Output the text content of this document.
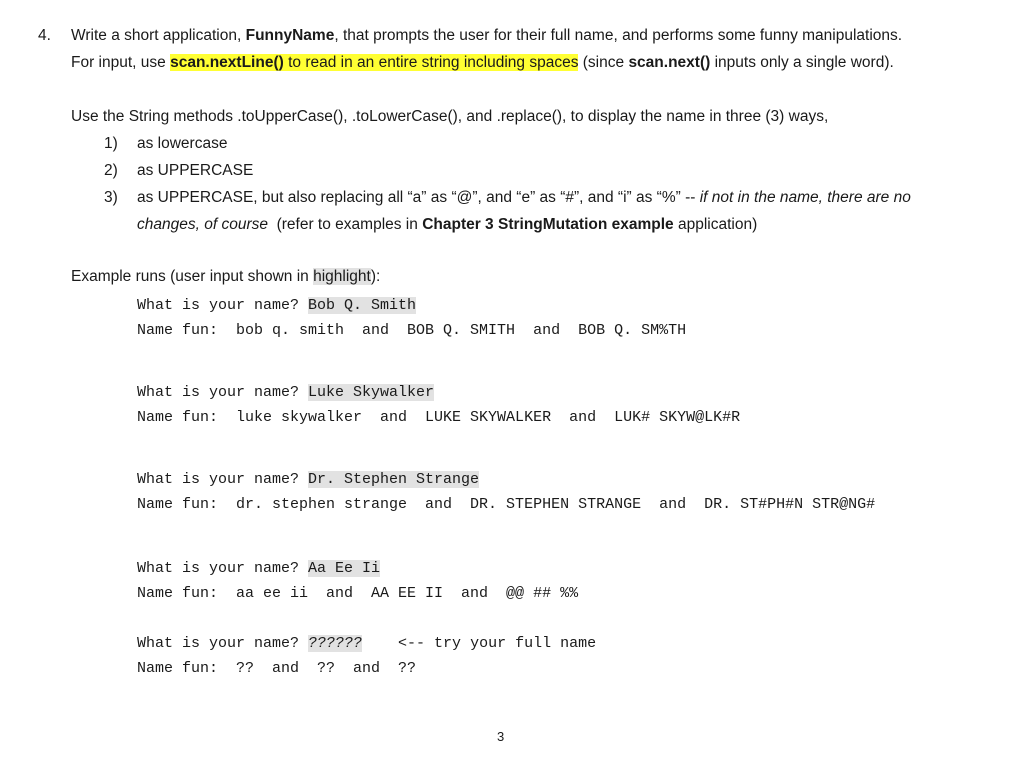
4. Write a short application, FunnyName, that prompts the user for their full name, and performs some funny manipulations.
For input, use scan.nextLine() to read in an entire string including spaces (since scan.next() inputs only a single word).
Use the String methods .toUpperCase(), .toLowerCase(), and .replace(), to display the name in three (3) ways,
1)	as lowercase
2)	as UPPERCASE
3)	as UPPERCASE, but also replacing all “a” as “@”, and “e” as “#”, and “i” as “%” -- if not in the name, there are no
changes, of course  (refer to examples in Chapter 3 StringMutation example application)
Example runs (user input shown in highlight):
What is your name? Bob Q. Smith
Name fun:  bob q. smith  and  BOB Q. SMITH  and  BOB Q. SM%TH
What is your name? Luke Skywalker
Name fun:  luke skywalker  and  LUKE SKYWALKER  and  LUK# SKYW@LK#R
What is your name? Dr. Stephen Strange
Name fun:  dr. stephen strange  and  DR. STEPHEN STRANGE  and  DR. ST#PH#N STR@NG#
What is your name? Aa Ee Ii
Name fun:  aa ee ii  and  AA EE II  and  @@ ## %%
What is your name? ??????    <-- try your full name
Name fun:  ??  and  ??  and  ??
3
